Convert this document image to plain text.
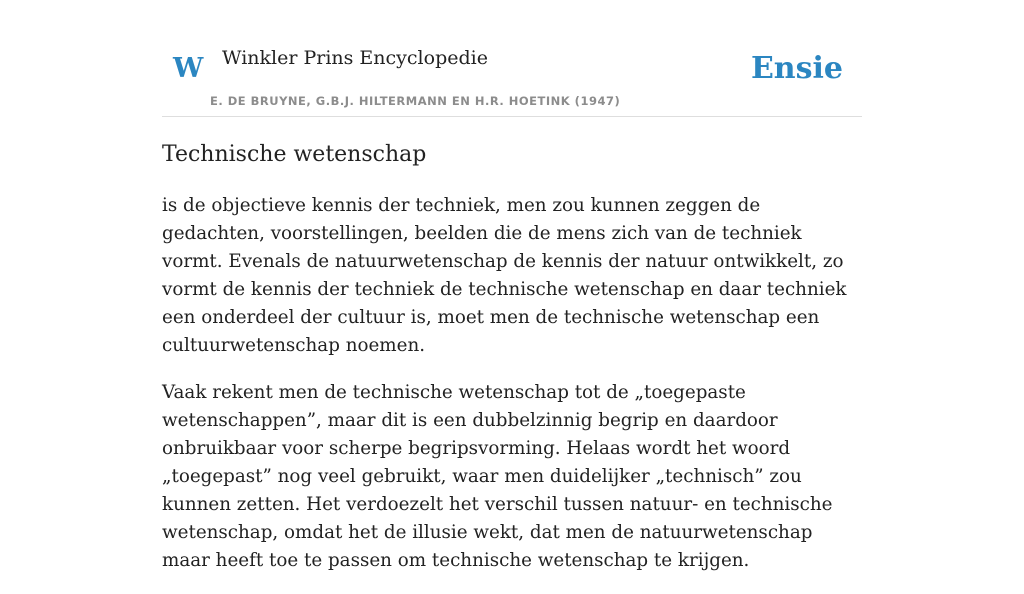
W Winkler Prins Encyclopedie
E. DE BRUYNE, G.B.J. HILTERMANN EN H.R. HOETINK (1947)
Ensie
Technische wetenschap

is de objectieve kennis der techniek, men zou kunnen zeggen de gedachten, voorstellingen, beelden die de mens zich van de techniek vormt. Evenals de natuurwetenschap de kennis der natuur ontwikkelt, zo vormt de kennis der techniek de technische wetenschap en daar techniek een onderdeel der cultuur is, moet men de technische wetenschap een cultuurwetenschap noemen.

Vaak rekent men de technische wetenschap tot de „toegepaste wetenschappen”, maar dit is een dubbelzinnig begrip en daardoor onbruikbaar voor scherpe begripsvorming. Helaas wordt het woord „toegepast” nog veel gebruikt, waar men duidelijker „technisch” zou kunnen zetten. Het verdoezelt het verschil tussen natuur- en technische wetenschap, omdat het de illusie wekt, dat men de natuurwetenschap maar heeft toe te passen om technische wetenschap te krijgen.
